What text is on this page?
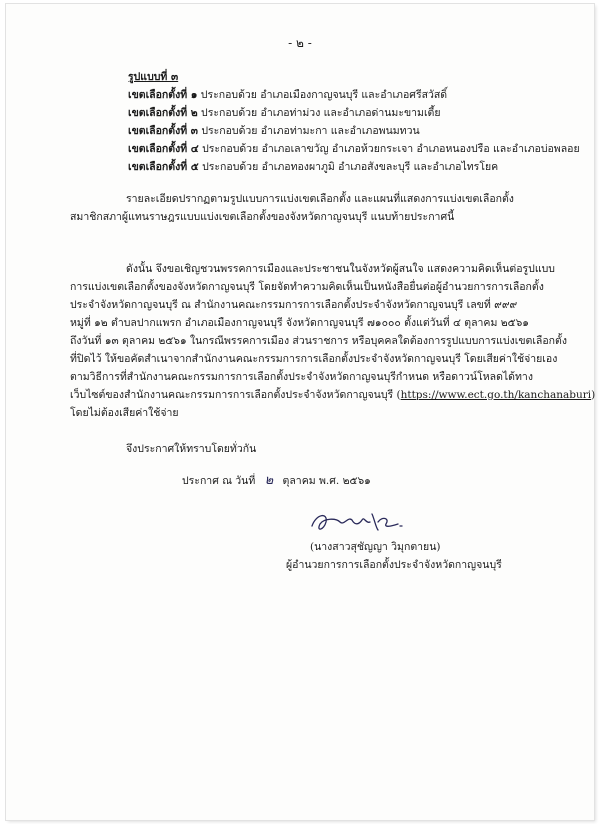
- ๒ -
รูปแบบที่ ๓
เขตเลือกตั้งที่ ๑ ประกอบด้วย อำเภอเมืองกาญจนบุรี และอำเภอศรีสวัสดิ์
เขตเลือกตั้งที่ ๒ ประกอบด้วย อำเภอท่าม่วง และอำเภอด่านมะขามเตี้ย
เขตเลือกตั้งที่ ๓ ประกอบด้วย อำเภอท่ามะกา และอำเภอพนมทวน
เขตเลือกตั้งที่ ๔ ประกอบด้วย อำเภอเลาขวัญ อำเภอห้วยกระเจา อำเภอหนองปรือ และอำเภอบ่อพลอย
เขตเลือกตั้งที่ ๕ ประกอบด้วย อำเภอทองผาภูมิ อำเภอสังขละบุรี และอำเภอไทรโยค
รายละเอียดปรากฏตามรูปแบบการแบ่งเขตเลือกตั้ง และแผนที่แสดงการแบ่งเขตเลือกตั้ง
สมาชิกสภาผู้แทนราษฎรแบบแบ่งเขตเลือกตั้งของจังหวัดกาญจนบุรี แนบท้ายประกาศนี้
ดังนั้น จึงขอเชิญชวนพรรคการเมืองและประชาชนในจังหวัดผู้สนใจ แสดงความคิดเห็นต่อรูปแบบ
การแบ่งเขตเลือกตั้งของจังหวัดกาญจนบุรี โดยจัดทำความคิดเห็นเป็นหนังสือยื่นต่อผู้อำนวยการการเลือกตั้ง
ประจำจังหวัดกาญจนบุรี ณ สำนักงานคณะกรรมการการเลือกตั้งประจำจังหวัดกาญจนบุรี เลขที่ ๙๙๙
หมู่ที่ ๑๒ ตำบลปากแพรก อำเภอเมืองกาญจนบุรี จังหวัดกาญจนบุรี ๗๑๐๐๐ ตั้งแต่วันที่ ๔ ตุลาคม ๒๕๖๑
ถึงวันที่ ๑๓ ตุลาคม ๒๕๖๑ ในกรณีพรรคการเมือง ส่วนราชการ หรือบุคคลใดต้องการรูปแบบการแบ่งเขตเลือกตั้ง
ที่ปิดไว้ ให้ขอคัดสำเนาจากสำนักงานคณะกรรมการการเลือกตั้งประจำจังหวัดกาญจนบุรี โดยเสียค่าใช้จ่ายเอง
ตามวิธีการที่สำนักงานคณะกรรมการการเลือกตั้งประจำจังหวัดกาญจนบุรีกำหนด หรือดาวน์โหลดได้ทาง
เว็บไซต์ของสำนักงานคณะกรรมการการเลือกตั้งประจำจังหวัดกาญจนบุรี (https://www.ect.go.th/kanchanaburi)
โดยไม่ต้องเสียค่าใช้จ่าย
จึงประกาศให้ทราบโดยทั่วกัน
ประกาศ ณ วันที่ ๒ ตุลาคม พ.ศ. ๒๕๖๑
(นางสาวสุชัญญา วิมุกตายน)
ผู้อำนวยการการเลือกตั้งประจำจังหวัดกาญจนบุรี
